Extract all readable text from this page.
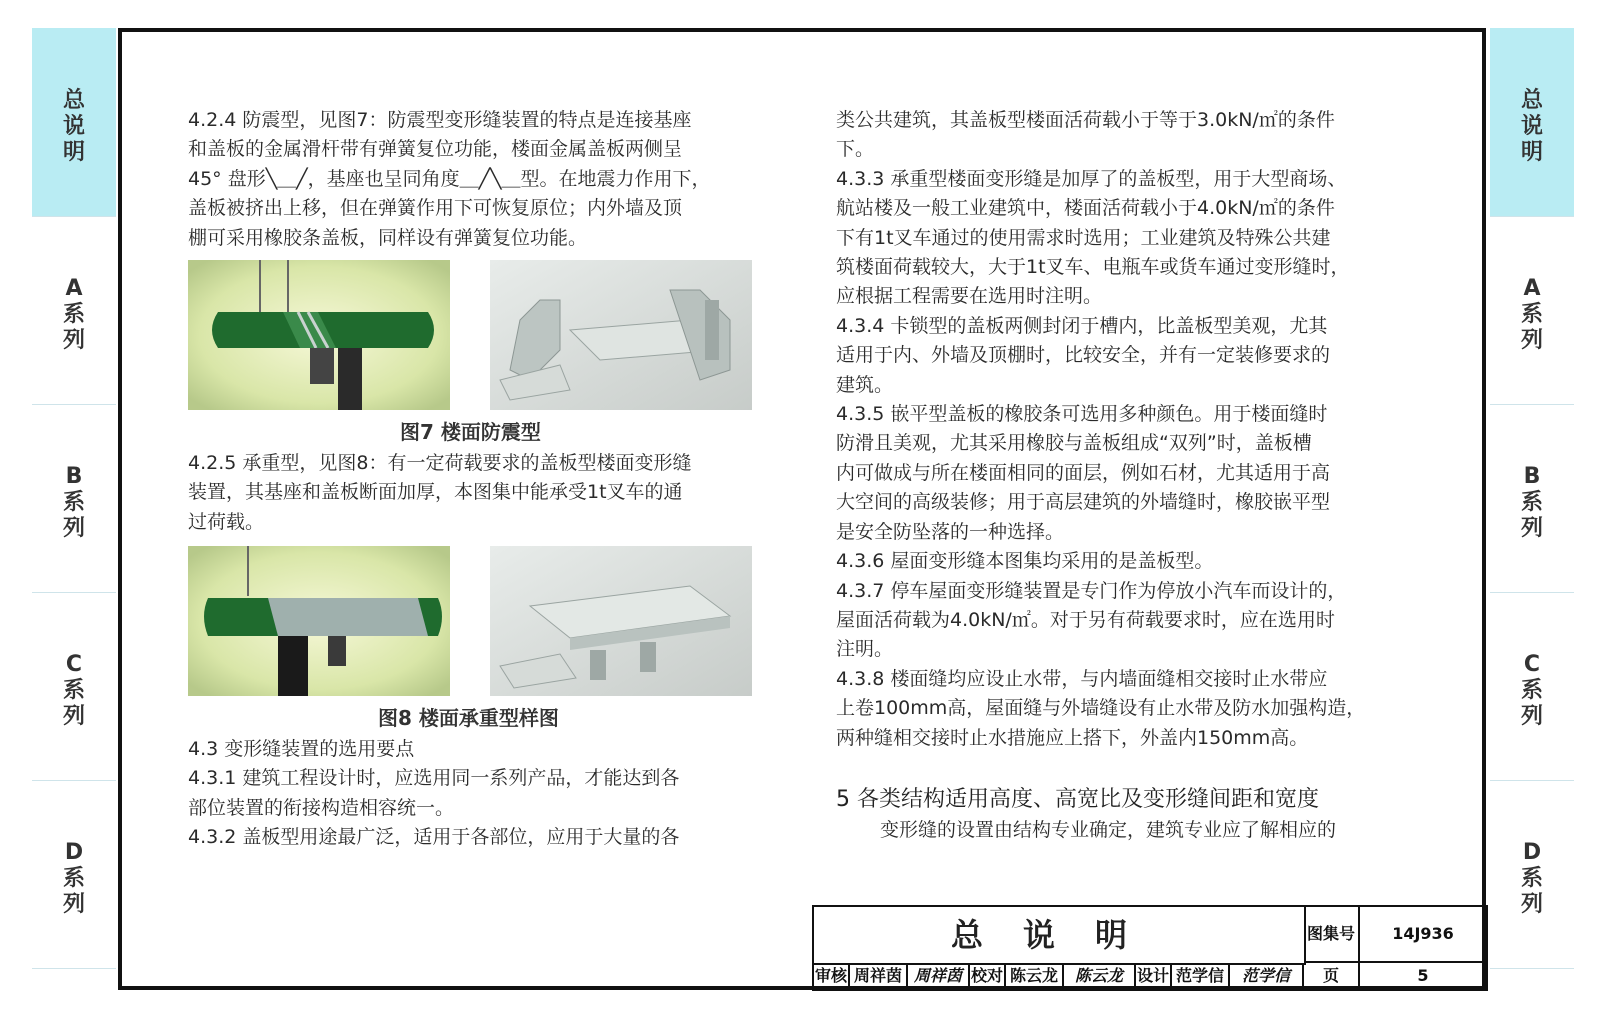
总
说
明
A
系
列
B
系
列
C
系
列
D
系
列
总
说
明
A
系
列
B
系
列
C
系
列
D
系
列

4.2.4 防震型，见图7：防震型变形缝装置的特点是连接基座

和盖板的金属滑杆带有弹簧复位功能，楼面金属盖板两侧呈

45° 盘形╲＿╱，基座也呈同角度＿╱╲＿型。在地震力作用下，

盖板被挤出上移，但在弹簧作用下可恢复原位；内外墙及顶

棚可采用橡胶条盖板，同样设有弹簧复位功能。

图7 楼面防震型

4.2.5 承重型，见图8：有一定荷载要求的盖板型楼面变形缝

装置，其基座和盖板断面加厚，本图集中能承受1t叉车的通

过荷载。

图8 楼面承重型样图

4.3 变形缝装置的选用要点

4.3.1 建筑工程设计时，应选用同一系列产品，才能达到各

部位装置的衔接构造相容统一。

4.3.2 盖板型用途最广泛，适用于各部位，应用于大量的各

类公共建筑，其盖板型楼面活荷载小于等于3.0kN/㎡的条件

下。

4.3.3 承重型楼面变形缝是加厚了的盖板型，用于大型商场、

航站楼及一般工业建筑中，楼面活荷载小于4.0kN/㎡的条件

下有1t叉车通过的使用需求时选用；工业建筑及特殊公共建

筑楼面荷载较大，大于1t叉车、电瓶车或货车通过变形缝时，

应根据工程需要在选用时注明。

4.3.4 卡锁型的盖板两侧封闭于槽内，比盖板型美观，尤其

适用于内、外墙及顶棚时，比较安全，并有一定装修要求的

建筑。

4.3.5 嵌平型盖板的橡胶条可选用多种颜色。用于楼面缝时

防滑且美观，尤其采用橡胶与盖板组成“双列”时，盖板槽

内可做成与所在楼面相同的面层，例如石材，尤其适用于高

大空间的高级装修；用于高层建筑的外墙缝时，橡胶嵌平型

是安全防坠落的一种选择。

4.3.6 屋面变形缝本图集均采用的是盖板型。

4.3.7 停车屋面变形缝装置是专门作为停放小汽车而设计的，

屋面活荷载为4.0kN/㎡。对于另有荷载要求时，应在选用时

注明。

4.3.8 楼面缝均应设止水带，与内墙面缝相交接时止水带应

上卷100mm高，屋面缝与外墙缝设有止水带及防水加强构造，

两种缝相交接时止水措施应上搭下，外盖内150mm高。

5 各类结构适用高度、高宽比及变形缝间距和宽度

变形缝的设置由结构专业确定，建筑专业应了解相应的

总说明	图集号	14J936
审核 周祥茵 周祥茵 校对 陈云龙	陈云龙 设计 范学信	范学信	页	5
